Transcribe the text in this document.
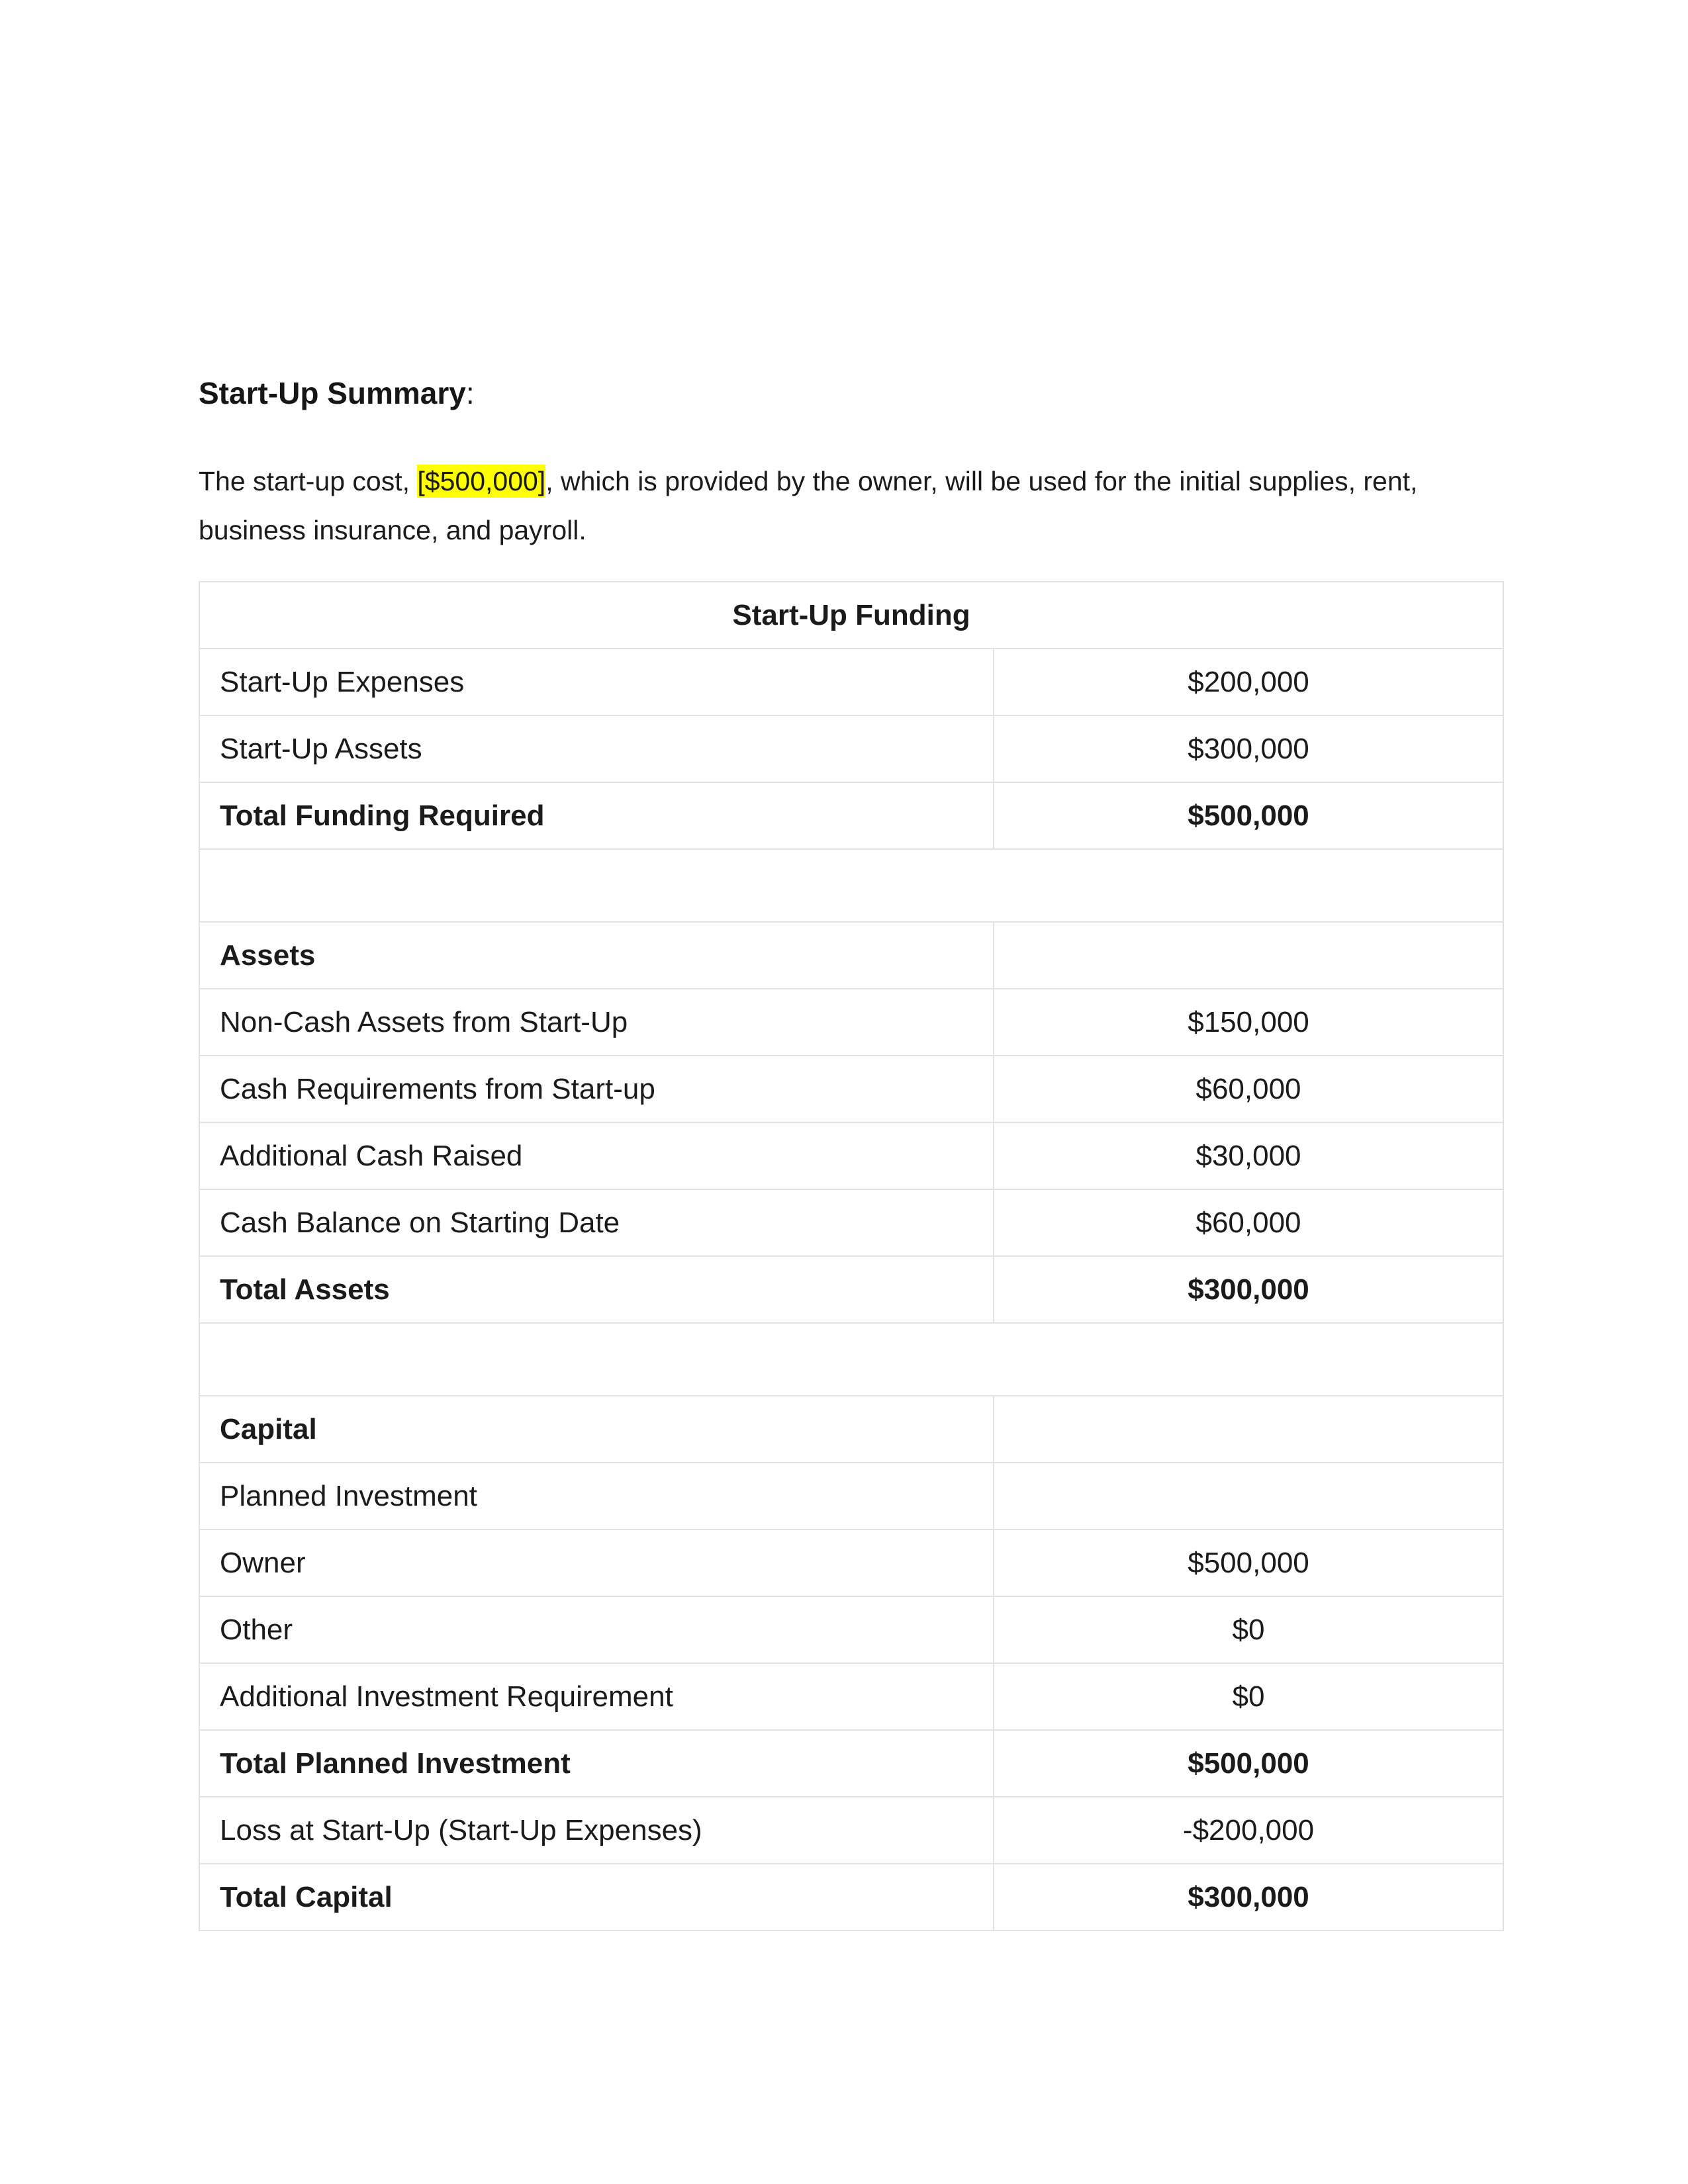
Start-Up Summary:

The start-up cost, [$500,000], which is provided by the owner, will be used for the initial supplies, rent,
business insurance, and payroll.

Start-Up Funding	
Start-Up Expenses	$200,000
Start-Up Assets	$300,000
Total Funding Required	$500,000

Assets	
Non-Cash Assets from Start-Up	$150,000
Cash Requirements from Start-up	$60,000
Additional Cash Raised	$30,000
Cash Balance on Starting Date	$60,000
Total Assets	$300,000

Capital	
Planned Investment	
Owner	$500,000
Other	$0
Additional Investment Requirement	$0
Total Planned Investment	$500,000
Loss at Start-Up (Start-Up Expenses)	-$200,000
Total Capital	$300,000
